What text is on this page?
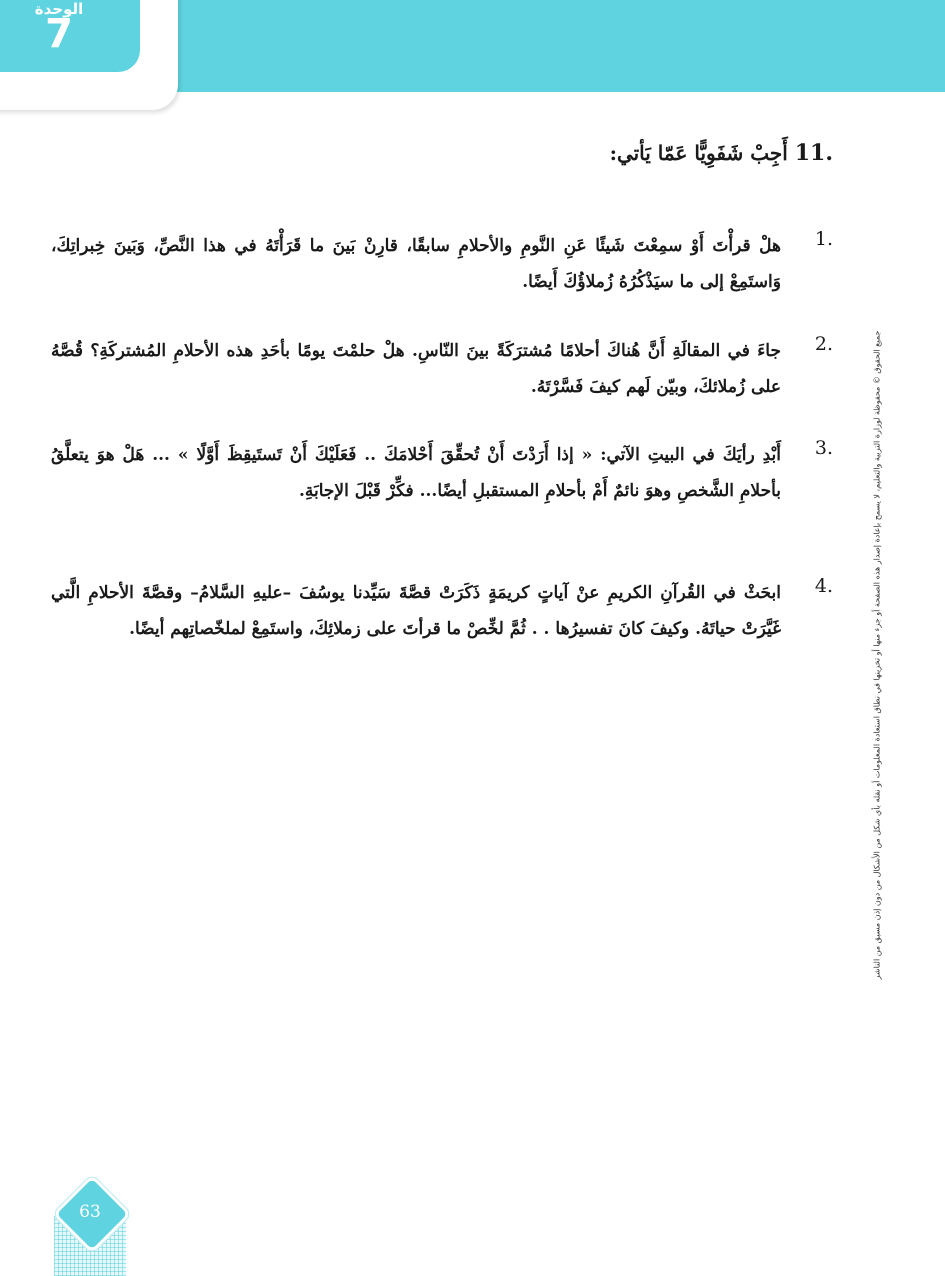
الوحدة
7
11. أَجِبْ شَفَوِيًّا عَمّا يَأتي:
1.
هلْ قرأْتَ أَوْ سمِعْتَ شَيئًا عَنِ النَّومِ والأحلامِ سابقًا، قارِنْ بَينَ ما قَرَأْتَهُ في هذا النَّصِّ، وَبَينَ خِبراتِكَ، وَاستَمِعْ إلى ما سيَذْكُرُهُ زُملاؤُكَ أَيضًا.
2.
جاءَ في المقالَةِ أَنَّ هُناكَ أحلامًا مُشترَكَةً بينَ النّاسِ. هلْ حلمْتَ يومًا بأحَدِ هذه الأحلامِ المُشتركَةِ؟ قُصَّهُ على زُملائكَ، وبيّن لَهم كيفَ فَسَّرْتَهُ.
3.
أَبْدِ رأيَكَ في البيتِ الآتي: « إذا أَرَدْتَ أَنْ تُحقِّقَ أَحْلامَكَ .. فَعَلَيْكَ أَنْ تَستَيقِظَ أَوَّلًا » ... هَلْ هوَ يتعلَّقُ بأحلامِ الشَّخصِ وهوَ نائمٌ أَمْ بأحلامِ المستقبلِ أيضًا... فكِّرْ قَبْلَ الإجابَةِ.
4.
ابحَثْ في القُرآنِ الكريمِ عنْ آياتٍ كريمَةٍ ذَكَرَتْ قصَّةَ سَيِّدنا يوسُفَ –عليهِ السَّلامُ– وقصَّةَ الأحلامِ الَّتي غَيَّرَتْ حياتَهُ. وكيفَ كانَ تفسيرُها . . ثُمَّ لخِّصْ ما قرأتَ على زملائِكَ، واستَمِعْ لملخّصاتِهم أيضًا.	جميع الحقوق © محفوظة لوزارة التربية والتعليم، لا يسمح بإعادة إصدار هذه الصفحة أو جزء منها أو تخزينها في نطاق استعادة المعلومات أو نقله بأي شكل من الأشكال من دون إذن مسبق من الناشر
63
